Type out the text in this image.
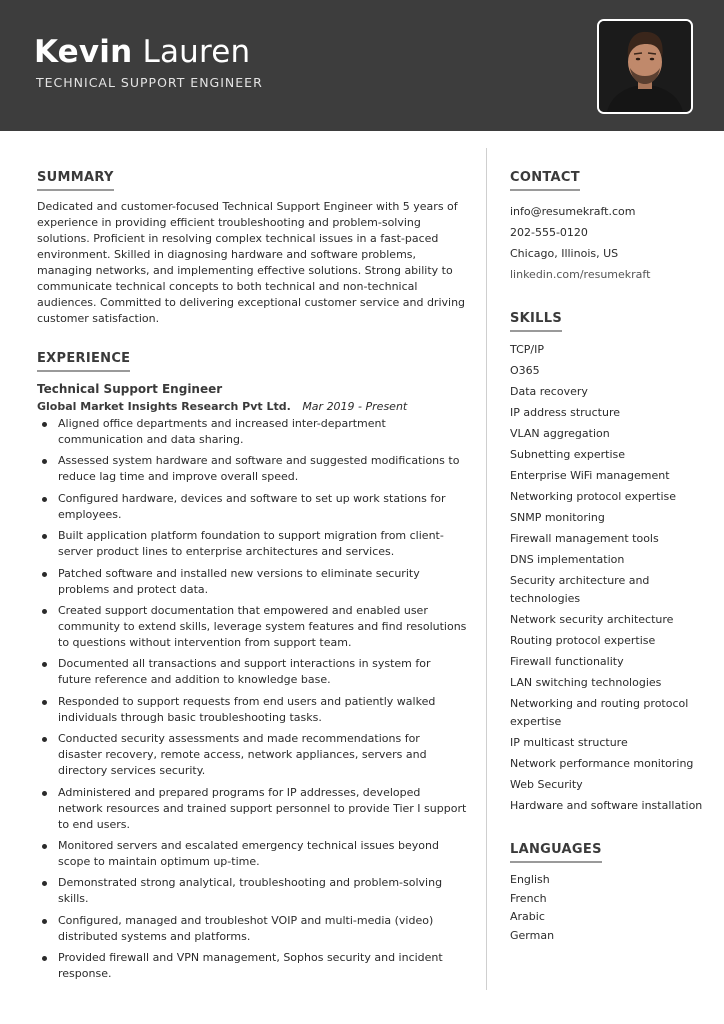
Kevin Lauren
TECHNICAL SUPPORT ENGINEER
SUMMARY

Dedicated and customer-focused Technical Support Engineer with 5 years of experience in providing efficient troubleshooting and problem-solving solutions. Proficient in resolving complex technical issues in a fast-paced environment. Skilled in diagnosing hardware and software problems, managing networks, and implementing effective solutions. Strong ability to communicate technical concepts to both technical and non-technical audiences. Committed to delivering exceptional customer service and driving customer satisfaction.

EXPERIENCE
Technical Support Engineer
Global Market Insights Research Pvt Ltd. Mar 2019 - Present
Aligned office departments and increased inter-department communication and data sharing.
Assessed system hardware and software and suggested modifications to reduce lag time and improve overall speed.
Configured hardware, devices and software to set up work stations for employees.
Built application platform foundation to support migration from client-server product lines to enterprise architectures and services.
Patched software and installed new versions to eliminate security problems and protect data.
Created support documentation that empowered and enabled user community to extend skills, leverage system features and find resolutions to questions without intervention from support team.
Documented all transactions and support interactions in system for future reference and addition to knowledge base.
Responded to support requests from end users and patiently walked individuals through basic troubleshooting tasks.
Conducted security assessments and made recommendations for disaster recovery, remote access, network appliances, servers and directory services security.
Administered and prepared programs for IP addresses, developed network resources and trained support personnel to provide Tier I support to end users.
Monitored servers and escalated emergency technical issues beyond scope to maintain optimum up-time.
Demonstrated strong analytical, troubleshooting and problem-solving skills.
Configured, managed and troubleshot VOIP and multi-media (video) distributed systems and platforms.
Provided firewall and VPN management, Sophos security and incident response.
CONTACT
info@resumekraft.com
202-555-0120
Chicago, Illinois, US
linkedin.com/resumekraft
SKILLS
TCP/IP
O365
Data recovery
IP address structure
VLAN aggregation
Subnetting expertise
Enterprise WiFi management
Networking protocol expertise
SNMP monitoring
Firewall management tools
DNS implementation
Security architecture and technologies
Network security architecture
Routing protocol expertise
Firewall functionality
LAN switching technologies
Networking and routing protocol expertise
IP multicast structure
Network performance monitoring
Web Security
Hardware and software installation
LANGUAGES
English
French
Arabic
German
